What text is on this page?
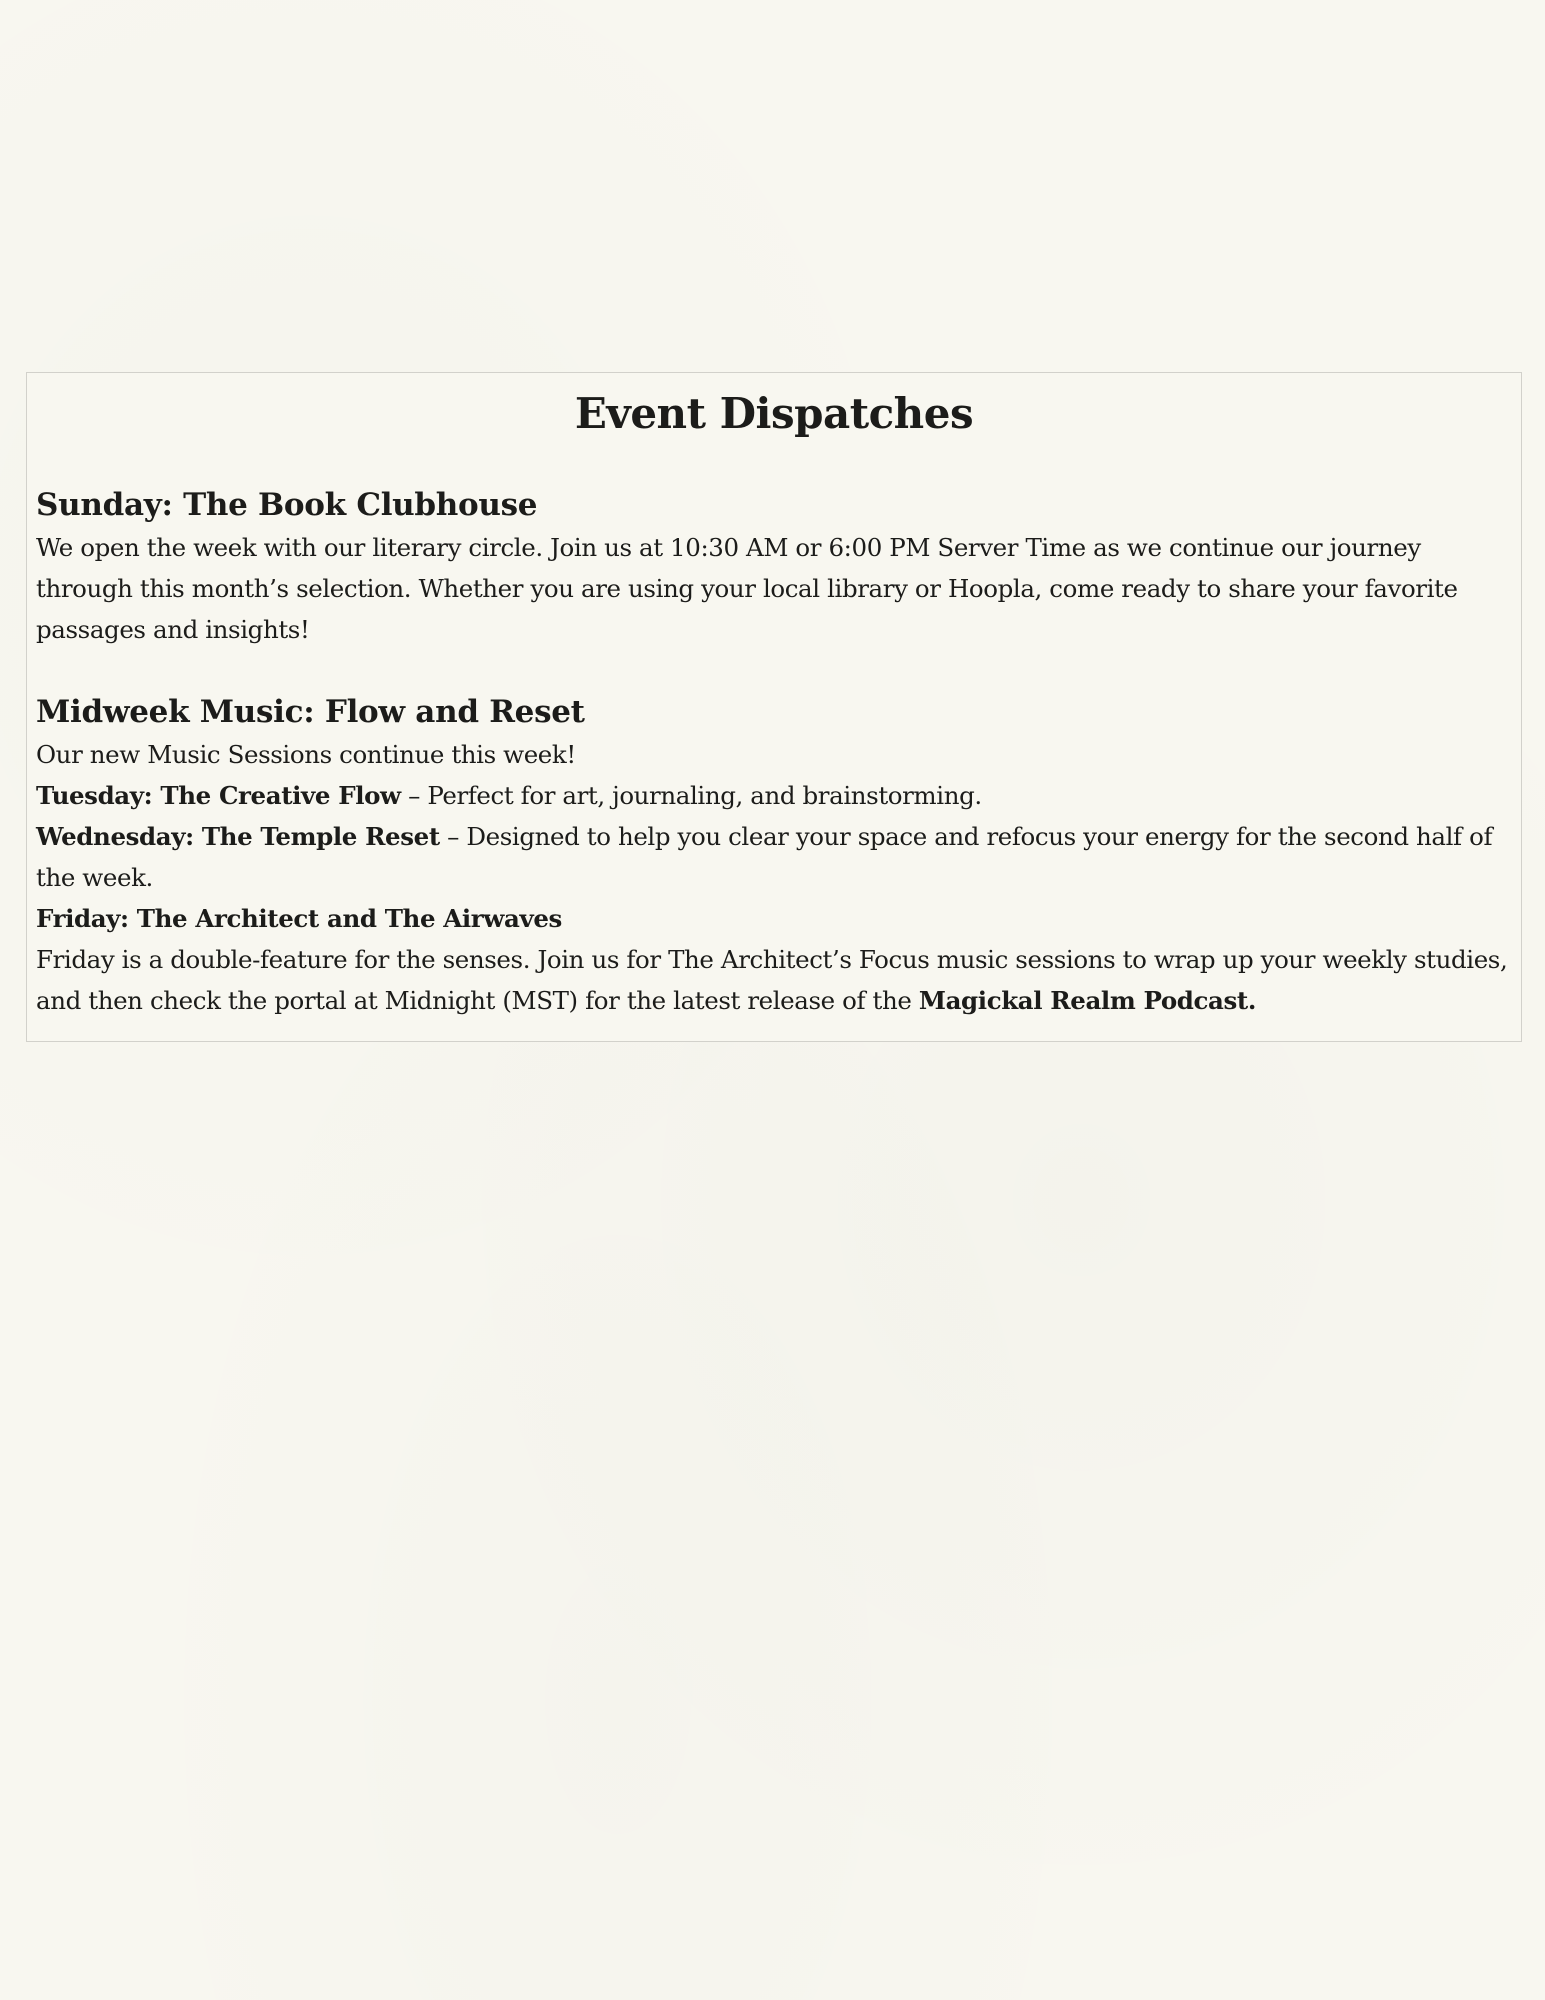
Event Dispatches
Sunday: The Book Clubhouse

We open the week with our literary circle. Join us at 10:30 AM or 6:00 PM Server Time as we continue our journey through this month’s selection. Whether you are using your local library or Hoopla, come ready to share your favorite passages and insights!

Midweek Music: Flow and Reset

Our new Music Sessions continue this week!

Tuesday: The Creative Flow – Perfect for art, journaling, and brainstorming.

Wednesday: The Temple Reset – Designed to help you clear your space and refocus your energy for the second half of the week.

Friday: The Architect and The Airwaves

Friday is a double-feature for the senses. Join us for The Architect’s Focus music sessions to wrap up your weekly studies, and then check the portal at Midnight (MST) for the latest release of the Magickal Realm Podcast.
